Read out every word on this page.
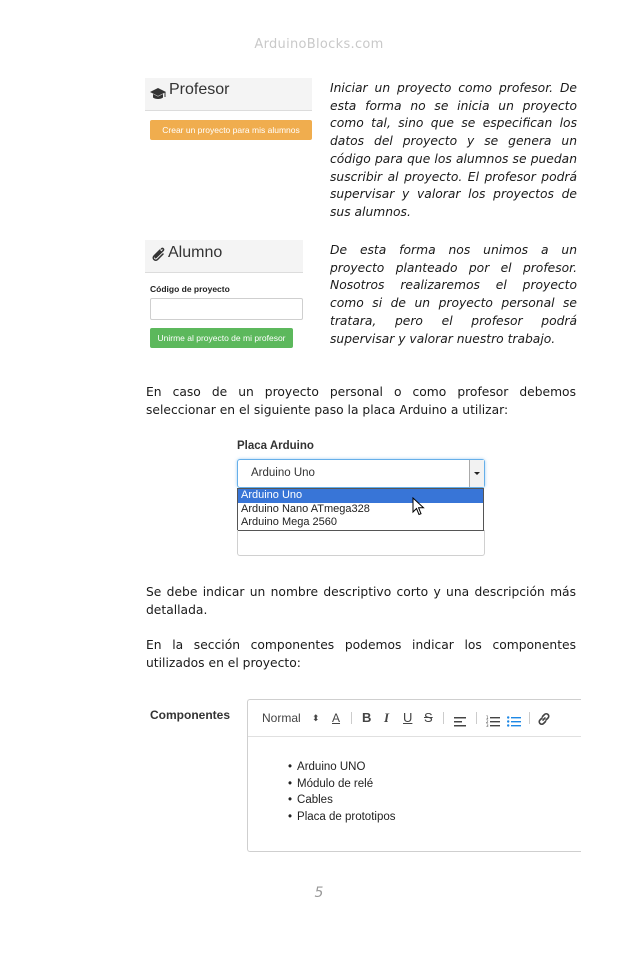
ArduinoBlocks.com
Profesor
Crear un proyecto para mis alumnos
Iniciar un proyecto como profesor. De esta forma no se inicia un proyecto como tal, sino que se especifican los datos del proyecto y se genera un código para que los alumnos se puedan suscribir al proyecto. El profesor podrá supervisar y valorar los proyectos de sus alumnos.
Alumno
Código de proyecto
Unirme al proyecto de mi profesor
De esta forma nos unimos a un proyecto planteado por el profesor. Nosotros realizaremos el proyecto como si de un proyecto personal se tratara, pero el profesor podrá supervisar y valorar nuestro trabajo.
En caso de un proyecto personal o como profesor debemos seleccionar en el siguiente paso la placa Arduino a utilizar:
Placa Arduino
Arduino Uno
Arduino Uno
Arduino Nano ATmega328
Arduino Mega 2560
Se debe indicar un nombre descriptivo corto y una descripción más detallada.
En la sección componentes podemos indicar los componentes utilizados en el proyecto:
Componentes	Normal ⬍ A B I U S	1
2
3
• Arduino UNO
• Módulo de relé
• Cables
• Placa de prototipos
5
